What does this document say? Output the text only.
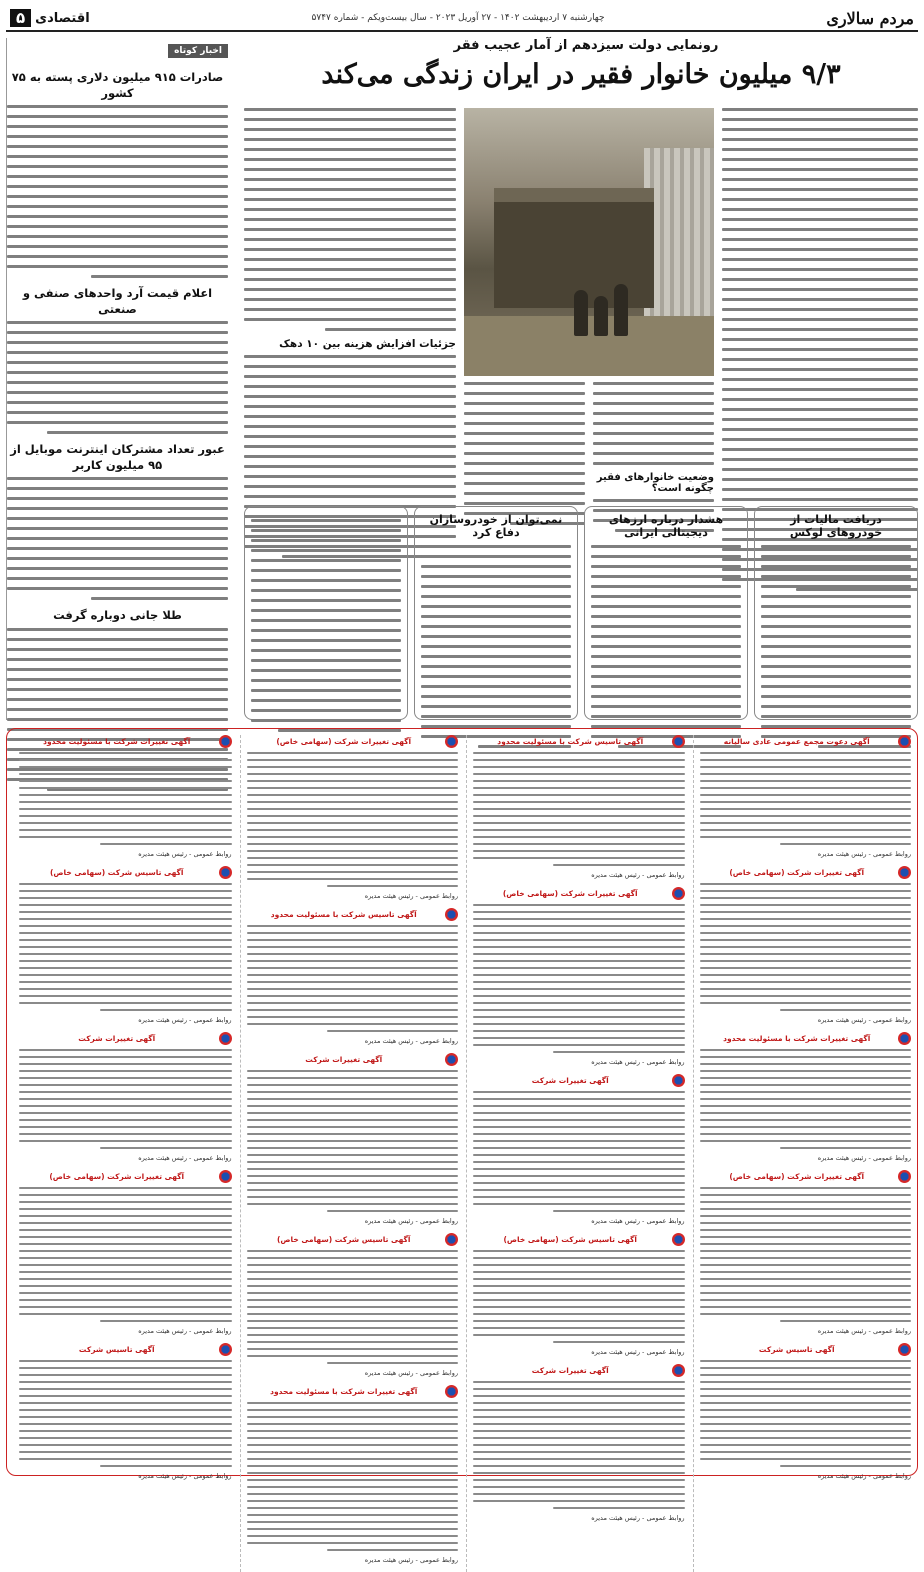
مردم سالاری
چهارشنبه ۷ اردیبهشت ۱۴۰۲ - ۲۷ آوریل ۲۰۲۳ - سال بیست‌ویکم - شماره ۵۷۴۷
اقتصادی
۵
رونمایی دولت سیزدهم از آمار عجیب فقر
۹/۳ میلیون خانوار فقیر در ایران زندگی می‌کند
وضعیت خانوارهای فقیر چگونه است؟
جزئیات افزایش هزینه بین ۱۰ دهک
اخبار کوتاه
صادرات ۹۱۵ میلیون دلاری پسته به ۷۵ کشور
اعلام قیمت آرد واحدهای صنفی و صنعتی
عبور تعداد مشترکان اینترنت موبایل از ۹۵ میلیون کاربر
طلا جانی دوباره گرفت
دریافت مالیات از خودروهای لوکس
هشدار درباره ارزهای دیجیتالی ایرانی
نمی‌توان از خودروسازان دفاع کرد
آگهی دعوت مجمع عمومی عادی سالیانه
روابط عمومی - رئیس هیئت مدیره
آگهی تغییرات شرکت (سهامی خاص)
روابط عمومی - رئیس هیئت مدیره
آگهی تغییرات شرکت با مسئولیت محدود
روابط عمومی - رئیس هیئت مدیره
آگهی تغییرات شرکت (سهامی خاص)
روابط عمومی - رئیس هیئت مدیره
آگهی تاسیس شرکت
روابط عمومی - رئیس هیئت مدیره
آگهی تاسیس شرکت با مسئولیت محدود
روابط عمومی - رئیس هیئت مدیره
آگهی تغییرات شرکت (سهامی خاص)
روابط عمومی - رئیس هیئت مدیره
آگهی تغییرات شرکت
روابط عمومی - رئیس هیئت مدیره
آگهی تاسیس شرکت (سهامی خاص)
روابط عمومی - رئیس هیئت مدیره
آگهی تغییرات شرکت
روابط عمومی - رئیس هیئت مدیره
آگهی تغییرات شرکت (سهامی خاص)
روابط عمومی - رئیس هیئت مدیره
آگهی تاسیس شرکت با مسئولیت محدود
روابط عمومی - رئیس هیئت مدیره
آگهی تغییرات شرکت
روابط عمومی - رئیس هیئت مدیره
آگهی تاسیس شرکت (سهامی خاص)
روابط عمومی - رئیس هیئت مدیره
آگهی تغییرات شرکت با مسئولیت محدود
روابط عمومی - رئیس هیئت مدیره
آگهی تغییرات شرکت با مسئولیت محدود
روابط عمومی - رئیس هیئت مدیره
آگهی تاسیس شرکت (سهامی خاص)
روابط عمومی - رئیس هیئت مدیره
آگهی تغییرات شرکت
روابط عمومی - رئیس هیئت مدیره
آگهی تغییرات شرکت (سهامی خاص)
روابط عمومی - رئیس هیئت مدیره
آگهی تاسیس شرکت
روابط عمومی - رئیس هیئت مدیره
